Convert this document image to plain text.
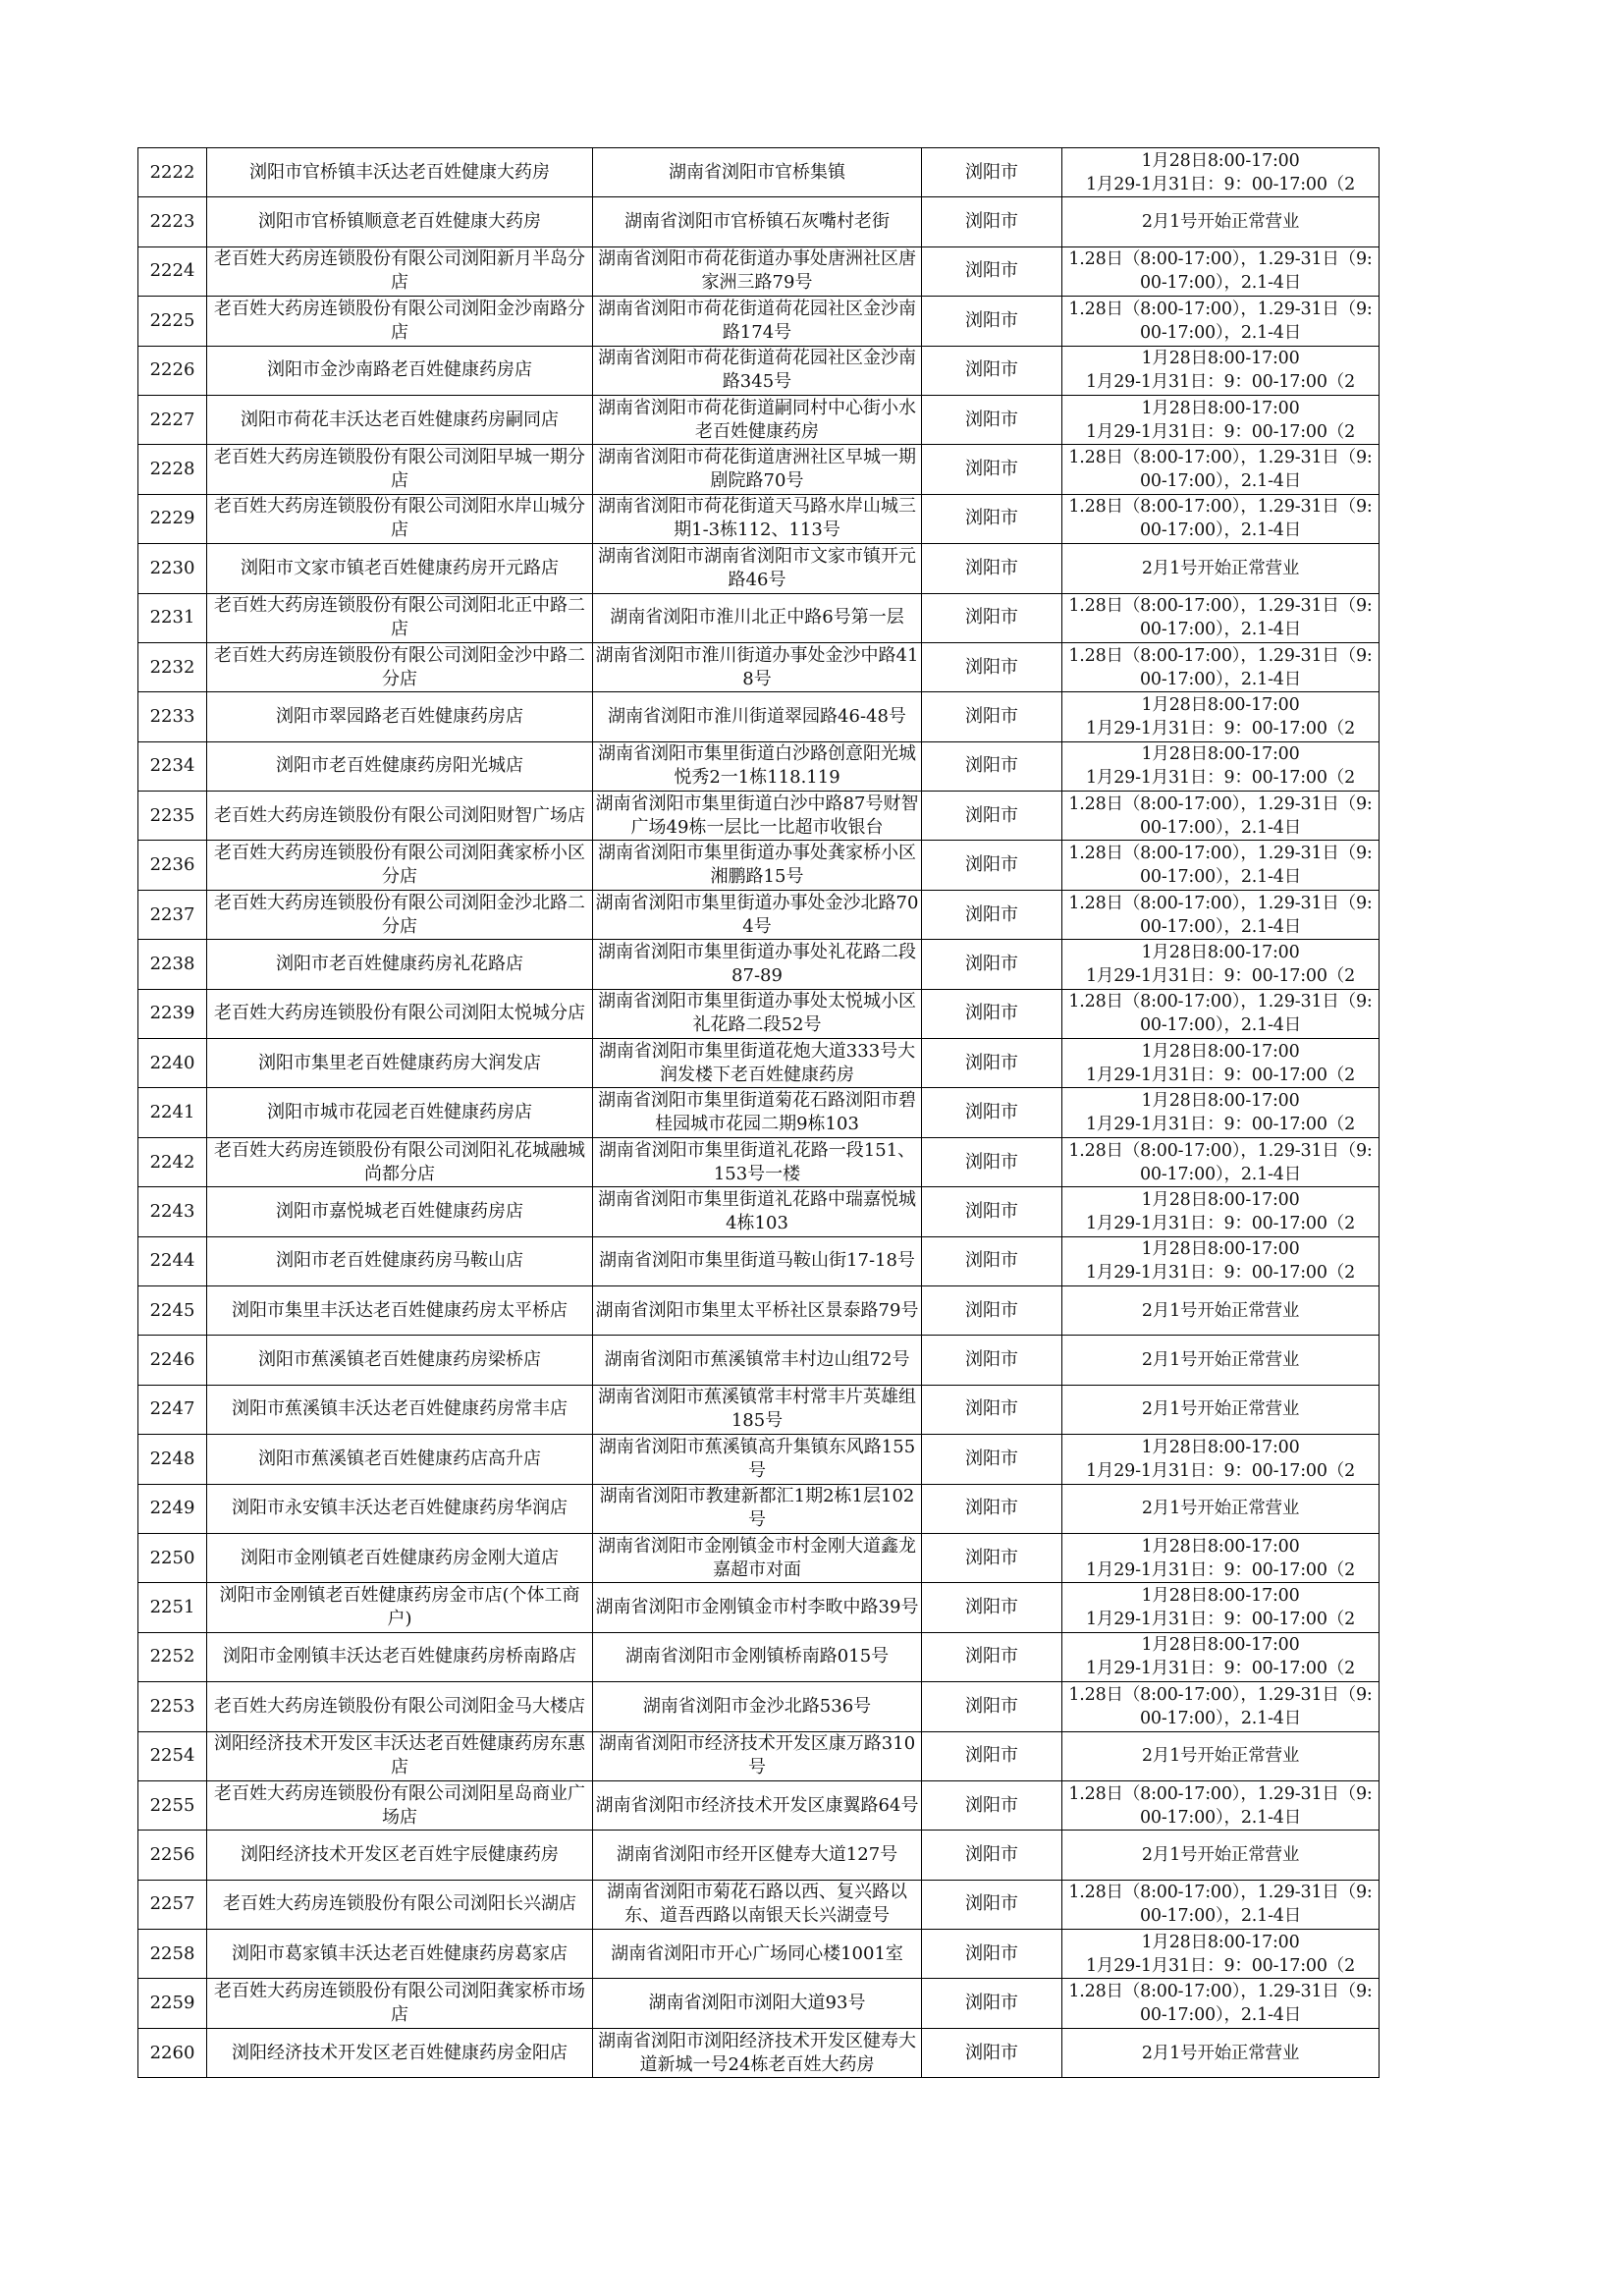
2222	浏阳市官桥镇丰沃达老百姓健康大药房	湖南省浏阳市官桥集镇	浏阳市	1月28日8:00-17:00
1月29-1月31日：9：00-17:00（2

2223	浏阳市官桥镇顺意老百姓健康大药房	湖南省浏阳市官桥镇石灰嘴村老街	浏阳市	2月1号开始正常营业

2224	老百姓大药房连锁股份有限公司浏阳新月半岛分店	湖南省浏阳市荷花街道办事处唐洲社区唐家洲三路79号	浏阳市	1.28日（8:00-17:00），1.29-31日（9:00-17:00），2.1-4日

2225	老百姓大药房连锁股份有限公司浏阳金沙南路分店	湖南省浏阳市荷花街道荷花园社区金沙南路174号	浏阳市	1.28日（8:00-17:00），1.29-31日（9:00-17:00），2.1-4日

2226	浏阳市金沙南路老百姓健康药房店	湖南省浏阳市荷花街道荷花园社区金沙南路345号	浏阳市	1月28日8:00-17:00
1月29-1月31日：9：00-17:00（2

2227	浏阳市荷花丰沃达老百姓健康药房嗣同店	湖南省浏阳市荷花街道嗣同村中心街小水老百姓健康药房	浏阳市	1月28日8:00-17:00
1月29-1月31日：9：00-17:00（2

2228	老百姓大药房连锁股份有限公司浏阳早城一期分店	湖南省浏阳市荷花街道唐洲社区早城一期剧院路70号	浏阳市	1.28日（8:00-17:00），1.29-31日（9:00-17:00），2.1-4日

2229	老百姓大药房连锁股份有限公司浏阳水岸山城分店	湖南省浏阳市荷花街道天马路水岸山城三期1-3栋112、113号	浏阳市	1.28日（8:00-17:00），1.29-31日（9:00-17:00），2.1-4日

2230	浏阳市文家市镇老百姓健康药房开元路店	湖南省浏阳市湖南省浏阳市文家市镇开元路46号	浏阳市	2月1号开始正常营业

2231	老百姓大药房连锁股份有限公司浏阳北正中路二店	湖南省浏阳市淮川北正中路6号第一层	浏阳市	1.28日（8:00-17:00），1.29-31日（9:00-17:00），2.1-4日

2232	老百姓大药房连锁股份有限公司浏阳金沙中路二分店	湖南省浏阳市淮川街道办事处金沙中路418号	浏阳市	1.28日（8:00-17:00），1.29-31日（9:00-17:00），2.1-4日

2233	浏阳市翠园路老百姓健康药房店	湖南省浏阳市淮川街道翠园路46-48号	浏阳市	1月28日8:00-17:00
1月29-1月31日：9：00-17:00（2

2234	浏阳市老百姓健康药房阳光城店	湖南省浏阳市集里街道白沙路创意阳光城悦秀2一1栋118.119	浏阳市	1月28日8:00-17:00
1月29-1月31日：9：00-17:00（2

2235	老百姓大药房连锁股份有限公司浏阳财智广场店	湖南省浏阳市集里街道白沙中路87号财智广场49栋一层比一比超市收银台	浏阳市	1.28日（8:00-17:00），1.29-31日（9:00-17:00），2.1-4日

2236	老百姓大药房连锁股份有限公司浏阳龚家桥小区分店	湖南省浏阳市集里街道办事处龚家桥小区湘鹏路15号	浏阳市	1.28日（8:00-17:00），1.29-31日（9:00-17:00），2.1-4日

2237	老百姓大药房连锁股份有限公司浏阳金沙北路二分店	湖南省浏阳市集里街道办事处金沙北路704号	浏阳市	1.28日（8:00-17:00），1.29-31日（9:00-17:00），2.1-4日

2238	浏阳市老百姓健康药房礼花路店	湖南省浏阳市集里街道办事处礼花路二段87-89	浏阳市	1月28日8:00-17:00
1月29-1月31日：9：00-17:00（2

2239	老百姓大药房连锁股份有限公司浏阳太悦城分店	湖南省浏阳市集里街道办事处太悦城小区礼花路二段52号	浏阳市	1.28日（8:00-17:00），1.29-31日（9:00-17:00），2.1-4日

2240	浏阳市集里老百姓健康药房大润发店	湖南省浏阳市集里街道花炮大道333号大润发楼下老百姓健康药房	浏阳市	1月28日8:00-17:00
1月29-1月31日：9：00-17:00（2

2241	浏阳市城市花园老百姓健康药房店	湖南省浏阳市集里街道菊花石路浏阳市碧桂园城市花园二期9栋103	浏阳市	1月28日8:00-17:00
1月29-1月31日：9：00-17:00（2

2242	老百姓大药房连锁股份有限公司浏阳礼花城融城尚都分店	湖南省浏阳市集里街道礼花路一段151、153号一楼	浏阳市	1.28日（8:00-17:00），1.29-31日（9:00-17:00），2.1-4日

2243	浏阳市嘉悦城老百姓健康药房店	湖南省浏阳市集里街道礼花路中瑞嘉悦城4栋103	浏阳市	1月28日8:00-17:00
1月29-1月31日：9：00-17:00（2

2244	浏阳市老百姓健康药房马鞍山店	湖南省浏阳市集里街道马鞍山街17-18号	浏阳市	1月28日8:00-17:00
1月29-1月31日：9：00-17:00（2

2245	浏阳市集里丰沃达老百姓健康药房太平桥店	湖南省浏阳市集里太平桥社区景泰路79号	浏阳市	2月1号开始正常营业

2246	浏阳市蕉溪镇老百姓健康药房梁桥店	湖南省浏阳市蕉溪镇常丰村边山组72号	浏阳市	2月1号开始正常营业

2247	浏阳市蕉溪镇丰沃达老百姓健康药房常丰店	湖南省浏阳市蕉溪镇常丰村常丰片英雄组185号	浏阳市	2月1号开始正常营业

2248	浏阳市蕉溪镇老百姓健康药店高升店	湖南省浏阳市蕉溪镇高升集镇东风路155号	浏阳市	1月28日8:00-17:00
1月29-1月31日：9：00-17:00（2

2249	浏阳市永安镇丰沃达老百姓健康药房华润店	湖南省浏阳市教建新都汇1期2栋1层102号	浏阳市	2月1号开始正常营业

2250	浏阳市金刚镇老百姓健康药房金刚大道店	湖南省浏阳市金刚镇金市村金刚大道鑫龙嘉超市对面	浏阳市	1月28日8:00-17:00
1月29-1月31日：9：00-17:00（2

2251	浏阳市金刚镇老百姓健康药房金市店(个体工商户)	湖南省浏阳市金刚镇金市村李畋中路39号	浏阳市	1月28日8:00-17:00
1月29-1月31日：9：00-17:00（2

2252	浏阳市金刚镇丰沃达老百姓健康药房桥南路店	湖南省浏阳市金刚镇桥南路015号	浏阳市	1月28日8:00-17:00
1月29-1月31日：9：00-17:00（2

2253	老百姓大药房连锁股份有限公司浏阳金马大楼店	湖南省浏阳市金沙北路536号	浏阳市	1.28日（8:00-17:00），1.29-31日（9:00-17:00），2.1-4日

2254	浏阳经济技术开发区丰沃达老百姓健康药房东惠店	湖南省浏阳市经济技术开发区康万路310号	浏阳市	2月1号开始正常营业

2255	老百姓大药房连锁股份有限公司浏阳星岛商业广场店	湖南省浏阳市经济技术开发区康翼路64号	浏阳市	1.28日（8:00-17:00），1.29-31日（9:00-17:00），2.1-4日

2256	浏阳经济技术开发区老百姓宇辰健康药房	湖南省浏阳市经开区健寿大道127号	浏阳市	2月1号开始正常营业

2257	老百姓大药房连锁股份有限公司浏阳长兴湖店	湖南省浏阳市菊花石路以西、复兴路以东、道吾西路以南银天长兴湖壹号	浏阳市	1.28日（8:00-17:00），1.29-31日（9:00-17:00），2.1-4日

2258	浏阳市葛家镇丰沃达老百姓健康药房葛家店	湖南省浏阳市开心广场同心楼1001室	浏阳市	1月28日8:00-17:00
1月29-1月31日：9：00-17:00（2

2259	老百姓大药房连锁股份有限公司浏阳龚家桥市场店	湖南省浏阳市浏阳大道93号	浏阳市	1.28日（8:00-17:00），1.29-31日（9:00-17:00），2.1-4日

2260	浏阳经济技术开发区老百姓健康药房金阳店	湖南省浏阳市浏阳经济技术开发区健寿大道新城一号24栋老百姓大药房	浏阳市	2月1号开始正常营业
